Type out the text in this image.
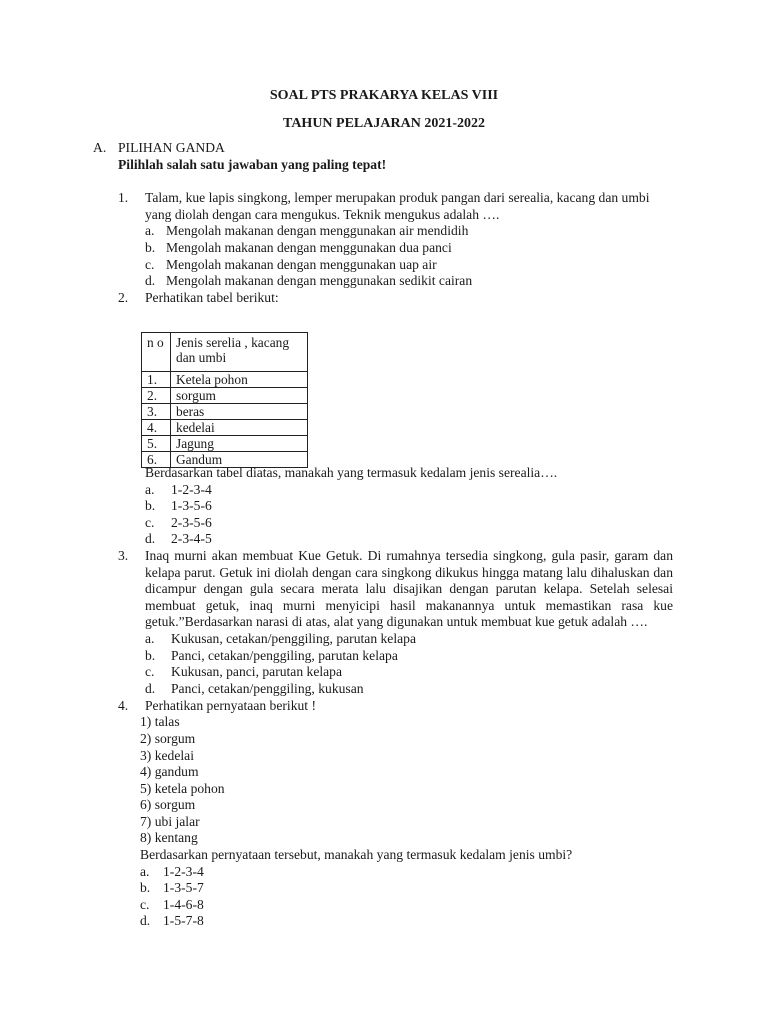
SOAL PTS PRAKARYA KELAS VIII
TAHUN PELAJARAN 2021-2022
A. PILIHAN GANDA
Pilihlah salah satu jawaban yang paling tepat!
1. Talam, kue lapis singkong, lemper merupakan produk pangan dari serealia, kacang dan umbi
yang diolah dengan cara mengukus. Teknik mengukus adalah ….
a. Mengolah makanan dengan menggunakan air mendidih
b. Mengolah makanan dengan menggunakan dua panci
c. Mengolah makanan dengan menggunakan uap air
d. Mengolah makanan dengan menggunakan sedikit cairan
2. Perhatikan tabel berikut:
n o	Jenis serelia , kacang dan umbi
1.	Ketela pohon
2.	sorgum
3.	beras
4.	kedelai
5.	Jagung
6.	Gandum
Berdasarkan tabel diatas, manakah yang termasuk kedalam jenis serealia….
a. 1-2-3-4
b. 1-3-5-6
c. 2-3-5-6
d. 2-3-4-5
3. Inaq murni akan membuat Kue Getuk. Di rumahnya tersedia singkong, gula pasir, garam dan kelapa parut. Getuk ini diolah dengan cara singkong dikukus hingga matang lalu dihaluskan dan dicampur dengan gula secara merata lalu disajikan dengan parutan kelapa. Setelah selesai membuat getuk, inaq murni menyicipi hasil makanannya untuk memastikan rasa kue getuk.”Berdasarkan narasi di atas, alat yang digunakan untuk membuat kue getuk adalah ….
a. Kukusan, cetakan/penggiling, parutan kelapa
b. Panci, cetakan/penggiling, parutan kelapa
c. Kukusan, panci, parutan kelapa
d. Panci, cetakan/penggiling, kukusan
4. Perhatikan pernyataan berikut !
1) talas
2) sorgum
3) kedelai
4) gandum
5) ketela pohon
6) sorgum
7) ubi jalar
8) kentang
Berdasarkan pernyataan tersebut, manakah yang termasuk kedalam jenis umbi?
a. 1-2-3-4
b. 1-3-5-7
c. 1-4-6-8
d. 1-5-7-8
